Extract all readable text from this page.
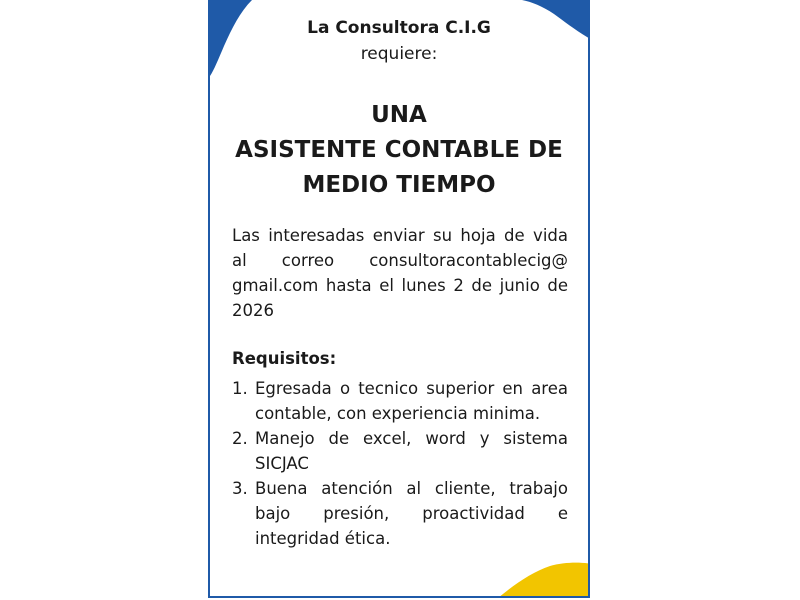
La Consultora C.I.G
requiere:
UNA
ASISTENTE CONTABLE DE
MEDIO TIEMPO
Las interesadas enviar su hoja de vida al correo consultoracontablecig@ gmail.com hasta el lunes 2 de junio de 2026
Requisitos:
1. Egresada o tecnico superior en area contable, con experiencia minima.
2. Manejo de excel, word y sistema SICJAC
3. Buena atención al cliente, trabajo bajo presión, proactividad e integridad ética.
